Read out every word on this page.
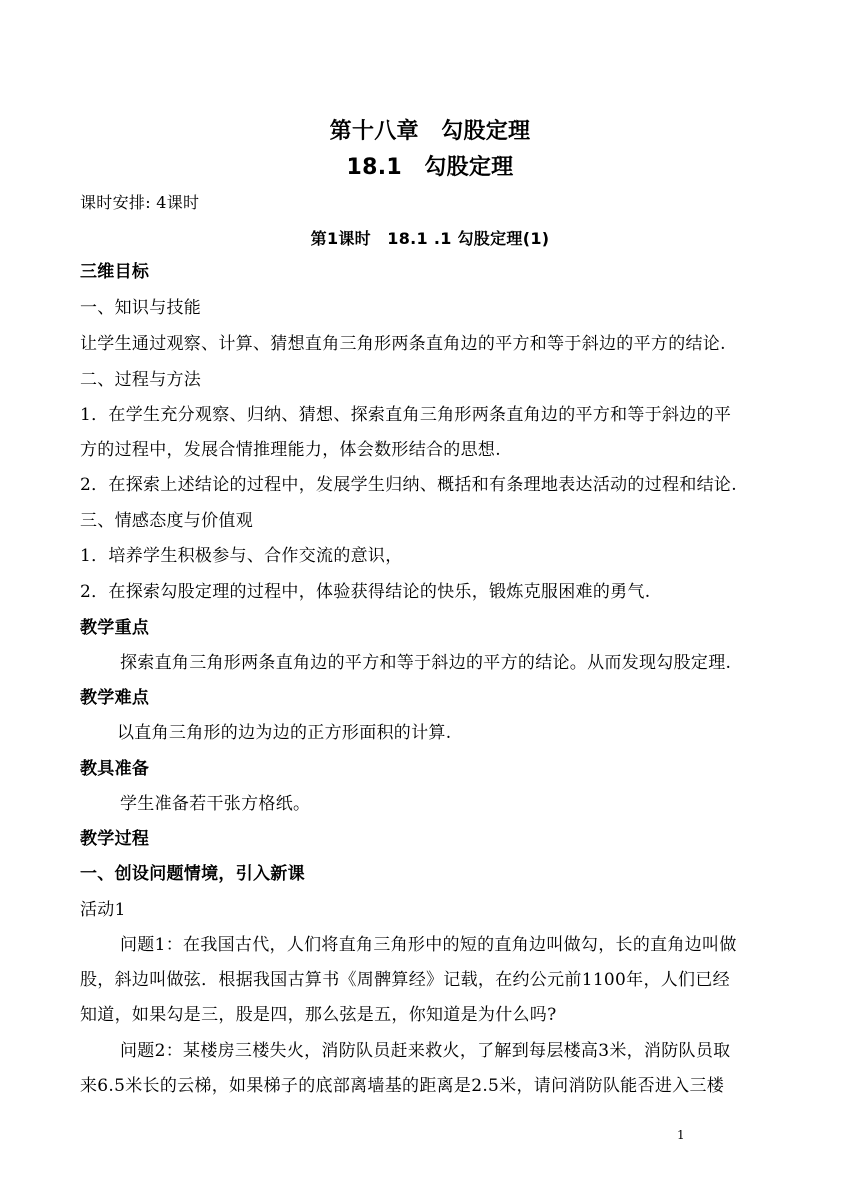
第十八章　勾股定理
18.1　勾股定理
课时安排: 4课时
第1课时　18.1 .1 勾股定理(1)
三维目标
一、知识与技能
让学生通过观察、计算、猜想直角三角形两条直角边的平方和等于斜边的平方的结论.
二、过程与方法
1．在学生充分观察、归纳、猜想、探索直角三角形两条直角边的平方和等于斜边的平
方的过程中，发展合情推理能力，体会数形结合的思想.
2．在探索上述结论的过程中，发展学生归纳、概括和有条理地表达活动的过程和结论.
三、情感态度与价值观
1．培养学生积极参与、合作交流的意识，
2．在探索勾股定理的过程中，体验获得结论的快乐，锻炼克服困难的勇气.
教学重点
探索直角三角形两条直角边的平方和等于斜边的平方的结论。从而发现勾股定理.
教学难点
以直角三角形的边为边的正方形面积的计算.
教具准备
学生准备若干张方格纸。
教学过程
一、创设问题情境，引入新课
活动1
问题1：在我国古代，人们将直角三角形中的短的直角边叫做勾，长的直角边叫做
股，斜边叫做弦．根据我国古算书《周髀算经》记载，在约公元前1100年，人们已经
知道，如果勾是三，股是四，那么弦是五，你知道是为什么吗?
问题2：某楼房三楼失火，消防队员赶来救火，了解到每层楼高3米，消防队员取
来6.5米长的云梯，如果梯子的底部离墙基的距离是2.5米，请问消防队能否进入三楼
1
